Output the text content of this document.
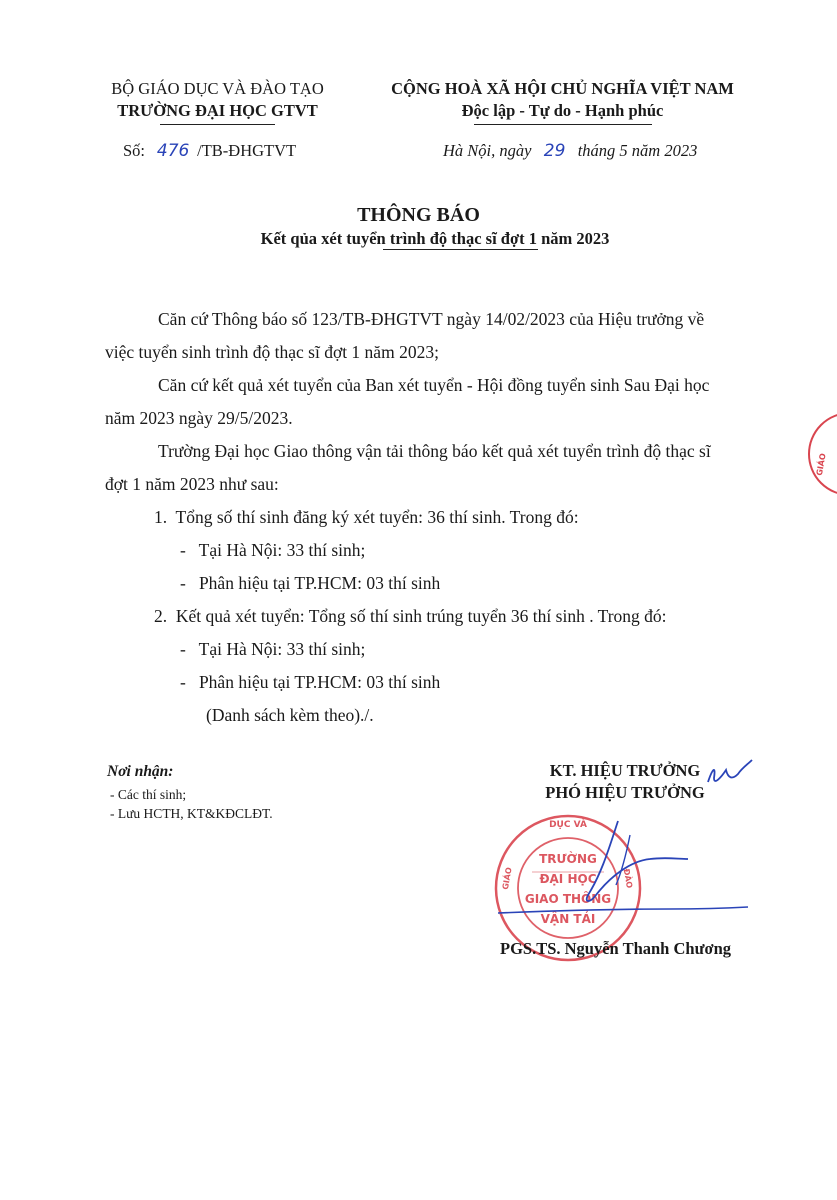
BỘ GIÁO DỤC VÀ ĐÀO TẠO
TRƯỜNG ĐẠI HỌC GTVT
CỘNG HOÀ XÃ HỘI CHỦ NGHĨA VIỆT NAM
Độc lập - Tự do - Hạnh phúc
Số: 476 /TB-ĐHGTVT	Hà Nội, ngày 29 tháng 5 năm 2023
THÔNG BÁO
Kết qủa xét tuyển trình độ thạc sĩ đợt 1 năm 2023
Căn cứ Thông báo số 123/TB-ĐHGTVT ngày 14/02/2023 của Hiệu trưởng về
việc tuyển sinh trình độ thạc sĩ đợt 1 năm 2023;
Căn cứ kết quả xét tuyển của Ban xét tuyển - Hội đồng tuyển sinh Sau Đại học
năm 2023 ngày 29/5/2023.
Trường Đại học Giao thông vận tải thông báo kết quả xét tuyển trình độ thạc sĩ
đợt 1 năm 2023 như sau:
1.  Tổng số thí sinh đăng ký xét tuyển: 36 thí sinh. Trong đó:
-   Tại Hà Nội: 33 thí sinh;
-   Phân hiệu tại TP.HCM: 03 thí sinh
2.  Kết quả xét tuyển: Tổng số thí sinh trúng tuyển 36 thí sinh . Trong đó:
-   Tại Hà Nội: 33 thí sinh;
-   Phân hiệu tại TP.HCM: 03 thí sinh
(Danh sách kèm theo)./.
Nơi nhận:
- Các thí sinh;
- Lưu HCTH, KT&KĐCLĐT.
KT. HIỆU TRƯỞNG
PHÓ HIỆU TRƯỞNG
DỤC VÀ
GIÁO	ĐÀO
TRƯỜNG
ĐẠI HỌC
GIAO THÔNG
VẬN TẢI
PGS.TS. Nguyễn Thanh Chương
GIÁO
